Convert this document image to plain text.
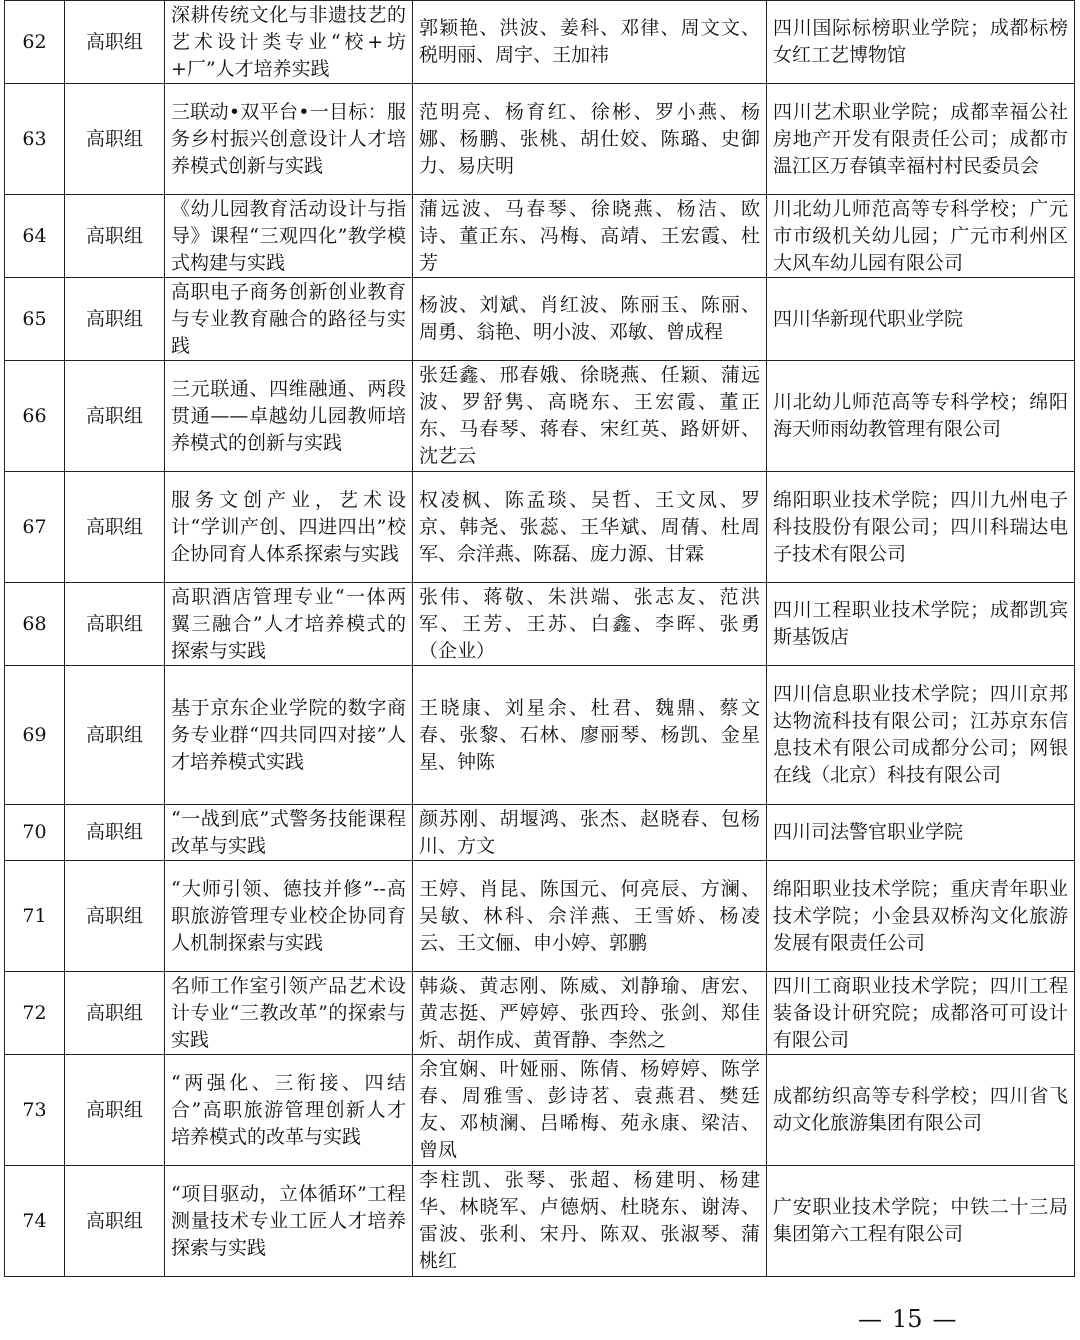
62	高职组	深耕传统文化与非遗技艺的艺术设计类专业“校+坊+厂”人才培养实践	郭颖艳、洪波、姜科、邓律、周文文、税明丽、周宇、王加祎	四川国际标榜职业学院；成都标榜女红工艺博物馆
63	高职组	三联动•双平台•一目标：服务乡村振兴创意设计人才培养模式创新与实践	范明亮、杨育红、徐彬、罗小燕、杨娜、杨鹏、张桃、胡仕姣、陈璐、史御力、易庆明	四川艺术职业学院；成都幸福公社房地产开发有限责任公司；成都市温江区万春镇幸福村村民委员会
64	高职组	《幼儿园教育活动设计与指导》课程“三观四化”教学模式构建与实践	蒲远波、马春琴、徐晓燕、杨洁、欧诗、董正东、冯梅、高靖、王宏霞、杜芳	川北幼儿师范高等专科学校；广元市市级机关幼儿园；广元市利州区大风车幼儿园有限公司
65	高职组	高职电子商务创新创业教育与专业教育融合的路径与实践	杨波、刘斌、肖红波、陈丽玉、陈丽、周勇、翁艳、明小波、邓敏、曾成程	四川华新现代职业学院
66	高职组	三元联通、四维融通、两段贯通——卓越幼儿园教师培养模式的创新与实践	张廷鑫、邢春娥、徐晓燕、任颖、蒲远波、罗舒隽、高晓东、王宏霞、董正东、马春琴、蒋春、宋红英、路妍妍、沈艺云	川北幼儿师范高等专科学校；绵阳海天师雨幼教管理有限公司
67	高职组	服务文创产业，艺术设计“学训产创、四进四出”校企协同育人体系探索与实践	权凌枫、陈孟琰、吴哲、王文凤、罗京、韩尧、张蕊、王华斌、周蒨、杜周军、佘洋燕、陈磊、庞力源、甘霖	绵阳职业技术学院；四川九州电子科技股份有限公司；四川科瑞达电子技术有限公司
68	高职组	高职酒店管理专业“一体两翼三融合”人才培养模式的探索与实践	张伟、蒋敬、朱洪端、张志友、范洪军、王芳、王苏、白鑫、李晖、张勇（企业）	四川工程职业技术学院；成都凯宾斯基饭店
69	高职组	基于京东企业学院的数字商务专业群“四共同四对接”人才培养模式实践	王晓康、刘星余、杜君、魏鼎、蔡文春、张黎、石林、廖丽琴、杨凯、金星星、钟陈	四川信息职业技术学院；四川京邦达物流科技有限公司；江苏京东信息技术有限公司成都分公司；网银在线（北京）科技有限公司
70	高职组	“一战到底”式警务技能课程改革与实践	颜苏刚、胡堰鸿、张杰、赵晓春、包杨川、方文	四川司法警官职业学院
71	高职组	“大师引领、德技并修”--高职旅游管理专业校企协同育人机制探索与实践	王婷、肖昆、陈国元、何亮辰、方澜、吴敏、林科、佘洋燕、王雪娇、杨凌云、王文俪、申小婷、郭鹏	绵阳职业技术学院；重庆青年职业技术学院；小金县双桥沟文化旅游发展有限责任公司
72	高职组	名师工作室引领产品艺术设计专业“三教改革”的探索与实践	韩焱、黄志刚、陈威、刘静瑜、唐宏、黄志挺、严婷婷、张西玲、张剑、郑佳炘、胡作成、黄胥静、李然之	四川工商职业技术学院；四川工程装备设计研究院；成都洛可可设计有限公司
73	高职组	“两强化、三衔接、四结合”高职旅游管理创新人才培养模式的改革与实践	余宜娴、叶娅丽、陈倩、杨婷婷、陈学春、周雅雪、彭诗茗、袁燕君、樊廷友、邓桢澜、吕晞梅、苑永康、梁洁、曾凤	成都纺织高等专科学校；四川省飞动文化旅游集团有限公司
74	高职组	“项目驱动，立体循环”工程测量技术专业工匠人才培养探索与实践	李柱凯、张琴、张超、杨建明、杨建华、林晓军、卢德炳、杜晓东、谢涛、雷波、张利、宋丹、陈双、张淑琴、蒲桃红	广安职业技术学院；中铁二十三局集团第六工程有限公司
— 15 —
